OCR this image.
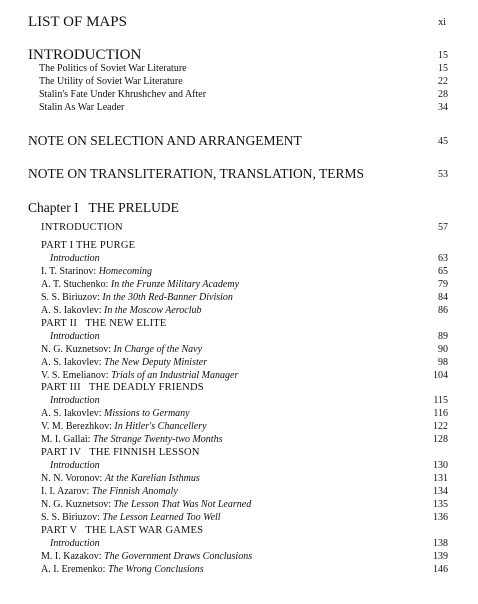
LIST OF MAPS	xi
INTRODUCTION	15
The Politics of Soviet War Literature	15
The Utility of Soviet War Literature	22
Stalin's Fate Under Khrushchev and After	28
Stalin As War Leader	34
NOTE ON SELECTION AND ARRANGEMENT	45
NOTE ON TRANSLITERATION, TRANSLATION, TERMS	53
Chapter I   THE PRELUDE
INTRODUCTION	57
PART I THE PURGE
Introduction	63
I. T. Starinov: Homecoming	65
A. T. Stuchenko: In the Frunze Military Academy	79
S. S. Biriuzov: In the 30th Red-Banner Division	84
A. S. Iakovlev: In the Moscow Aeroclub	86
PART II   THE NEW ELITE
Introduction	89
N. G. Kuznetsov: In Charge of the Navy	90
A. S. Iakovlev: The New Deputy Minister	98
V. S. Emelianov: Trials of an Industrial Manager	104
PART III   THE DEADLY FRIENDS
Introduction	115
A. S. Iakovlev: Missions to Germany	116
V. M. Berezhkov: In Hitler's Chancellery	122
M. I. Gallai: The Strange Twenty-two Months	128
PART IV   THE FINNISH LESSON
Introduction	130
N. N. Voronov: At the Karelian Isthmus	131
I. I. Azarov: The Finnish Anomaly	134
N. G. Kuznetsov: The Lesson That Was Not Learned	135
S. S. Biriuzov: The Lesson Learned Too Well	136
PART V   THE LAST WAR GAMES
Introduction	138
M. I. Kazakov: The Government Draws Conclusions	139
A. I. Eremenko: The Wrong Conclusions	146
